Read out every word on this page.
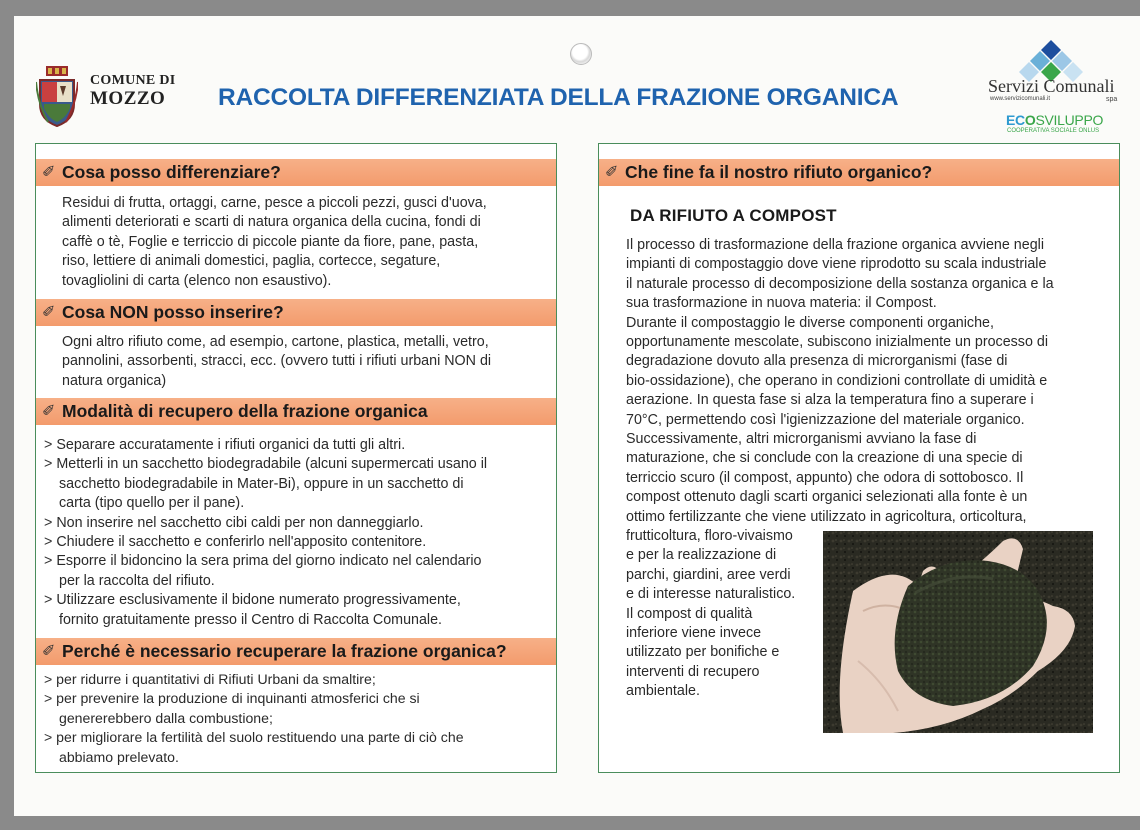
COMUNE DI
MOZZO	RACCOLTA DIFFERENZIATA DELLA FRAZIONE ORGANICA	Servizi Comunali
www.servizicomunali.it	spa
ECOSVILUPPO
COOPERATIVA SOCIALE ONLUS
✐ Cosa posso differenziare?

Residui di frutta, ortaggi, carne, pesce a piccoli pezzi, gusci d'uova,

alimenti deteriorati e scarti di natura organica della cucina, fondi di

caffè o tè, Foglie e terriccio di piccole piante da fiore, pane, pasta,

riso, lettiere di animali domestici, paglia, cortecce, segature,

tovagliolini di carta (elenco non esaustivo).

✐ Cosa NON posso inserire?

Ogni altro rifiuto come, ad esempio, cartone, plastica, metalli, vetro,

pannolini, assorbenti, stracci, ecc. (ovvero tutti i rifiuti urbani NON di

natura organica)

✐ Modalità di recupero della frazione organica

> Separare accuratamente i rifiuti organici da tutti gli altri.

> Metterli in un sacchetto biodegradabile (alcuni supermercati usano il

sacchetto biodegradabile in Mater-Bi), oppure in un sacchetto di

carta (tipo quello per il pane).

> Non inserire nel sacchetto cibi caldi per non danneggiarlo.

> Chiudere il sacchetto e conferirlo nell'apposito contenitore.

> Esporre il bidoncino la sera prima del giorno indicato nel calendario

per la raccolta del rifiuto.

> Utilizzare esclusivamente il bidone numerato progressivamente,

fornito gratuitamente presso il Centro di Raccolta Comunale.

✐ Perché è necessario recuperare la frazione organica?

> per ridurre i quantitativi di Rifiuti Urbani da smaltire;

> per prevenire la produzione di inquinanti atmosferici che si

genererebbero dalla combustione;

> per migliorare la fertilità del suolo restituendo una parte di ciò che

abbiamo prelevato.

✐ Che fine fa il nostro rifiuto organico?
DA RIFIUTO A COMPOST

Il processo di trasformazione della frazione organica avviene negli

impianti di compostaggio dove viene riprodotto su scala industriale

il naturale processo di decomposizione della sostanza organica e la

sua trasformazione in nuova materia: il Compost.

Durante il compostaggio le diverse componenti organiche,

opportunamente mescolate, subiscono inizialmente un processo di

degradazione dovuto alla presenza di microrganismi (fase di

bio-ossidazione), che operano in condizioni controllate di umidità e

aerazione. In questa fase si alza la temperatura fino a superare i

70°C, permettendo così l'igienizzazione del materiale organico.

Successivamente, altri microrganismi avviano la fase di

maturazione, che si conclude con la creazione di una specie di

terriccio scuro (il compost, appunto) che odora di sottobosco. Il

compost ottenuto dagli scarti organici selezionati alla fonte è un

ottimo fertilizzante che viene utilizzato in agricoltura, orticoltura,

frutticoltura, floro-vivaismo

e per la realizzazione di

parchi, giardini, aree verdi

e di interesse naturalistico.

Il compost di qualità

inferiore viene invece

utilizzato per bonifiche e

interventi di recupero

ambientale.
